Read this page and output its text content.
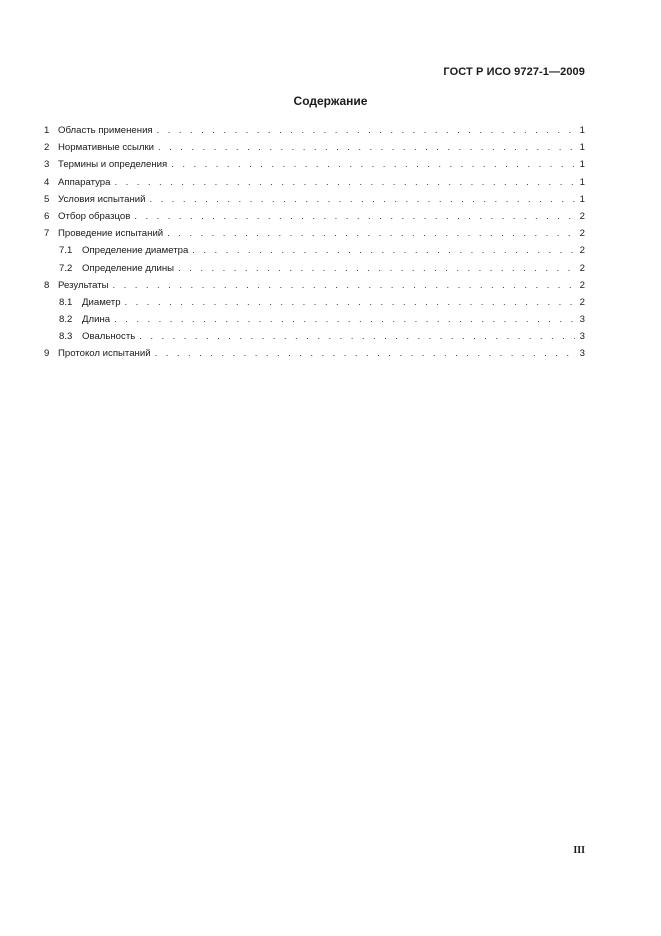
ГОСТ Р ИСО 9727-1—2009
Содержание
1 Область применения . . .	1
2 Нормативные ссылки . . .	1
3 Термины и определения . . .	1
4 Аппаратура . . .	1
5 Условия испытаний . . .	1
6 Отбор образцов . . .	2
7 Проведение испытаний . . .	2
7.1	Определение диаметра . . .	2
7.2	Определение длины . . .	2
8 Результаты . . .	2
8.1	Диаметр . . .	2
8.2	Длина . . .	3
8.3	Овальность . . .	3
9 Протокол испытаний . . .	3
III
